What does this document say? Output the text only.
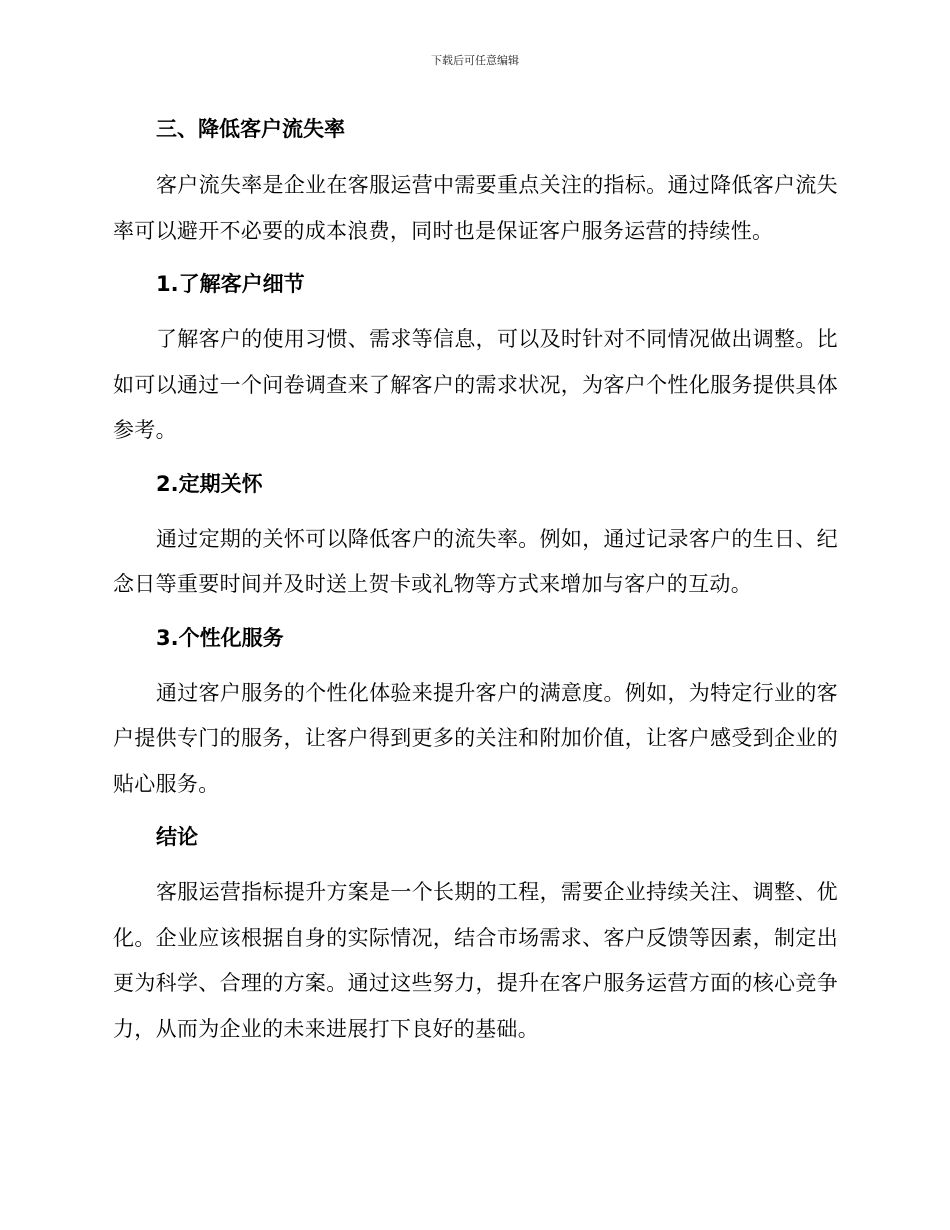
下载后可任意编辑
三、降低客户流失率

客户流失率是企业在客服运营中需要重点关注的指标。通过降低客户流失率可以避开不必要的成本浪费，同时也是保证客户服务运营的持续性。

1.了解客户细节

了解客户的使用习惯、需求等信息，可以及时针对不同情况做出调整。比如可以通过一个问卷调查来了解客户的需求状况，为客户个性化服务提供具体参考。

2.定期关怀

通过定期的关怀可以降低客户的流失率。例如，通过记录客户的生日、纪念日等重要时间并及时送上贺卡或礼物等方式来增加与客户的互动。

3.个性化服务

通过客户服务的个性化体验来提升客户的满意度。例如，为特定行业的客户提供专门的服务，让客户得到更多的关注和附加价值，让客户感受到企业的贴心服务。

结论

客服运营指标提升方案是一个长期的工程，需要企业持续关注、调整、优化。企业应该根据自身的实际情况，结合市场需求、客户反馈等因素，制定出更为科学、合理的方案。通过这些努力，提升在客户服务运营方面的核心竞争力，从而为企业的未来进展打下良好的基础。
